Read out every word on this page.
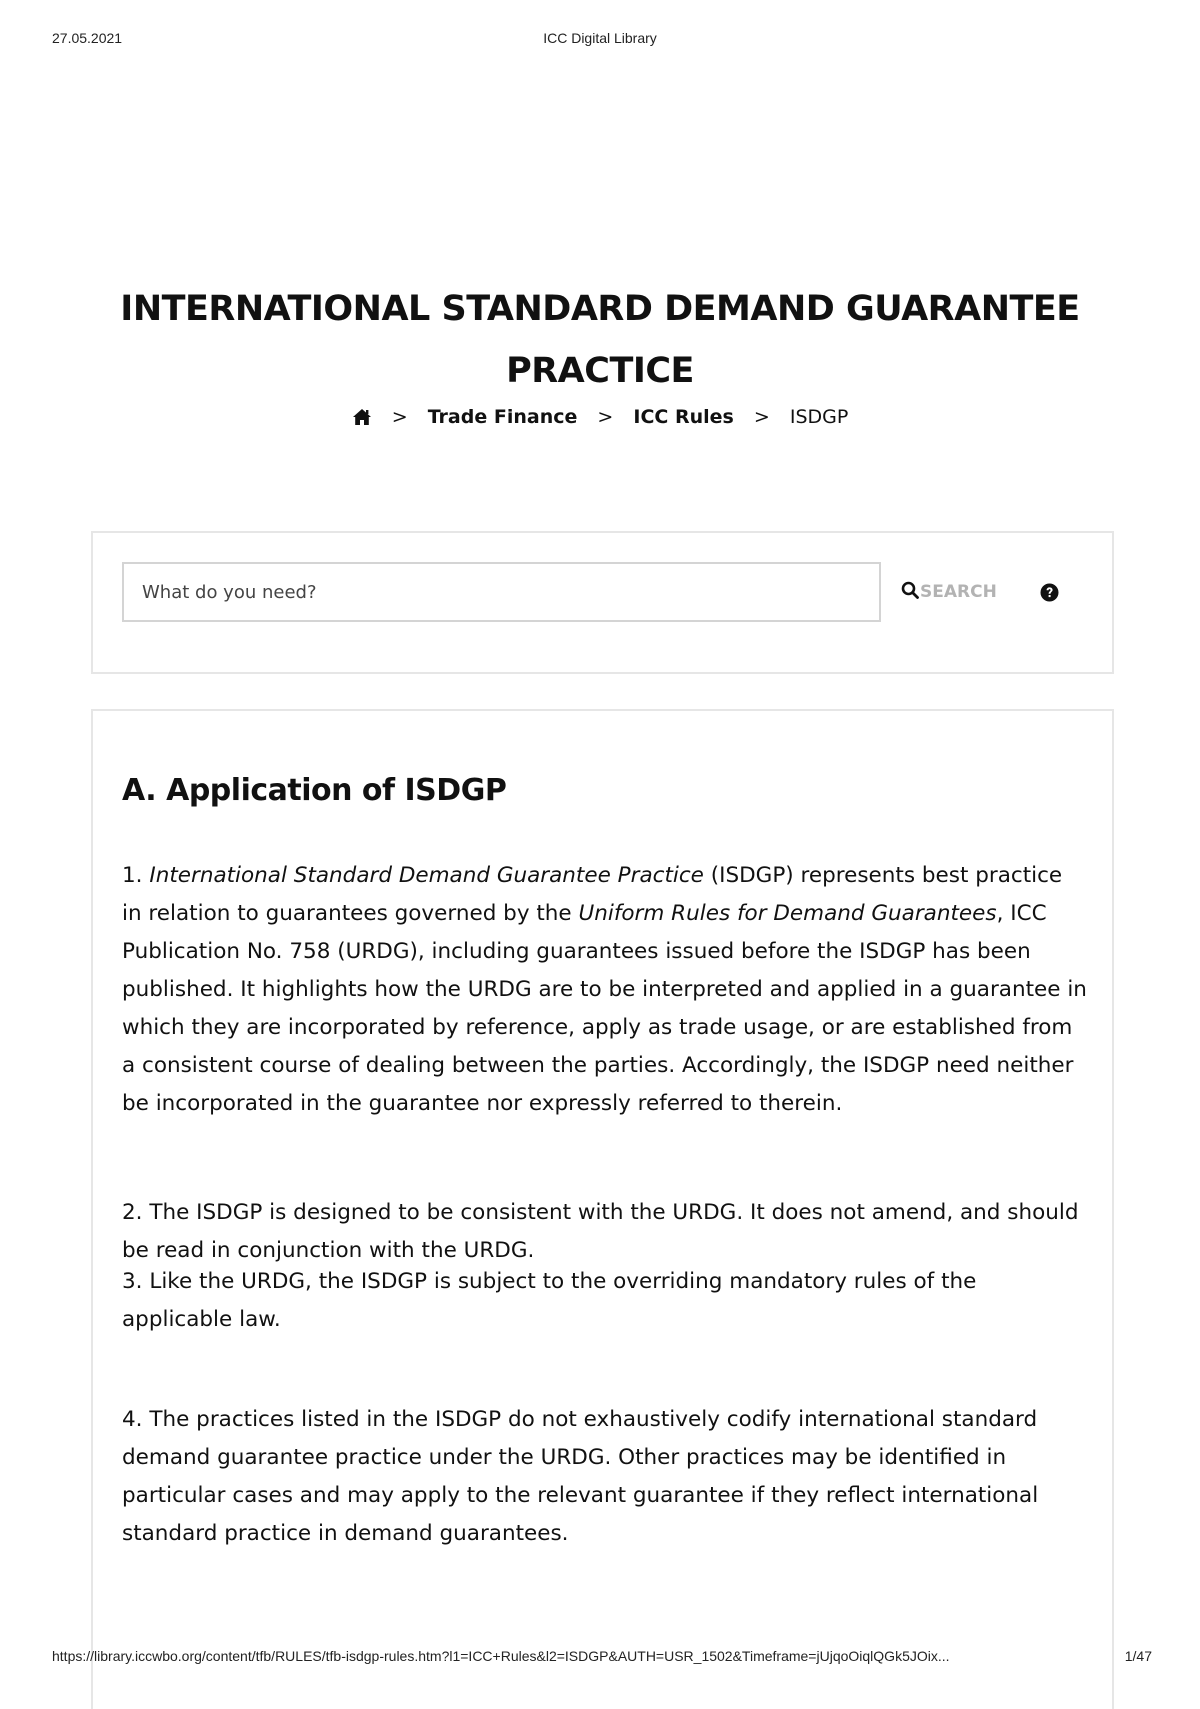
27.05.2021	ICC Digital Library
INTERNATIONAL STANDARD DEMAND GUARANTEE
PRACTICE
> Trade Finance > ICC Rules > ISDGP
What do you need?
SEARCH
A. Application of ISDGP

1. International Standard Demand Guarantee Practice (ISDGP) represents best practice in relation to guarantees governed by the Uniform Rules for Demand Guarantees, ICC Publication No. 758 (URDG), including guarantees issued before the ISDGP has been published. It highlights how the URDG are to be interpreted and applied in a guarantee in which they are incorporated by reference, apply as trade usage, or are established from a consistent course of dealing between the parties. Accordingly, the ISDGP need neither be incorporated in the guarantee nor expressly referred to therein.

2. The ISDGP is designed to be consistent with the URDG. It does not amend, and should be read in conjunction with the URDG.

3. Like the URDG, the ISDGP is subject to the overriding mandatory rules of the applicable law.

4. The practices listed in the ISDGP do not exhaustively codify international standard demand guarantee practice under the URDG. Other practices may be identified in particular cases and may apply to the relevant guarantee if they reflect international standard practice in demand guarantees.

https://library.iccwbo.org/content/tfb/RULES/tfb-isdgp-rules.htm?l1=ICC+Rules&l2=ISDGP&AUTH=USR_1502&Timeframe=jUjqoOiqlQGk5JOix...	1/47
